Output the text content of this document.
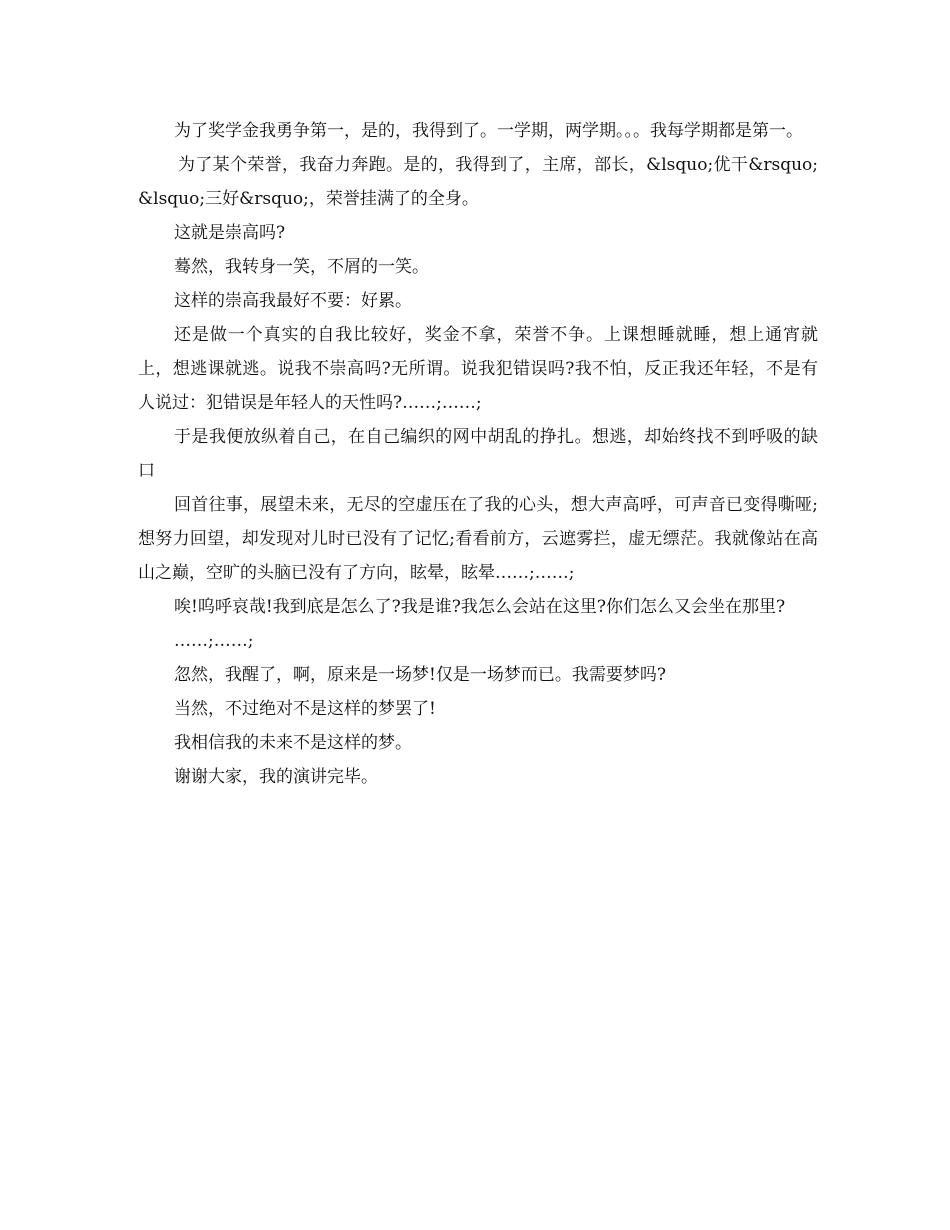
为了奖学金我勇争第一，是的，我得到了。一学期，两学期。。。我每学期都是第一。

为了某个荣誉，我奋力奔跑。是的，我得到了，主席，部长，&lsquo;优干&rsquo;&lsquo;三好&rsquo;，荣誉挂满了的全身。

这就是崇高吗?

蓦然，我转身一笑，不屑的一笑。

这样的崇高我最好不要：好累。

还是做一个真实的自我比较好，奖金不拿，荣誉不争。上课想睡就睡，想上通宵就上，想逃课就逃。说我不崇高吗?无所谓。说我犯错误吗?我不怕，反正我还年轻，不是有人说过：犯错误是年轻人的天性吗?……;……;

于是我便放纵着自己，在自己编织的网中胡乱的挣扎。想逃，却始终找不到呼吸的缺口

回首往事，展望未来，无尽的空虚压在了我的心头，想大声高呼，可声音已变得嘶哑;想努力回望，却发现对儿时已没有了记忆;看看前方，云遮雾拦，虚无缥茫。我就像站在高山之巅，空旷的头脑已没有了方向，眩晕，眩晕……;……;

唉!呜呼哀哉!我到底是怎么了?我是谁?我怎么会站在这里?你们怎么又会坐在那里?

……;……;

忽然，我醒了，啊，原来是一场梦!仅是一场梦而已。我需要梦吗?

当然，不过绝对不是这样的梦罢了!

我相信我的未来不是这样的梦。

谢谢大家，我的演讲完毕。
